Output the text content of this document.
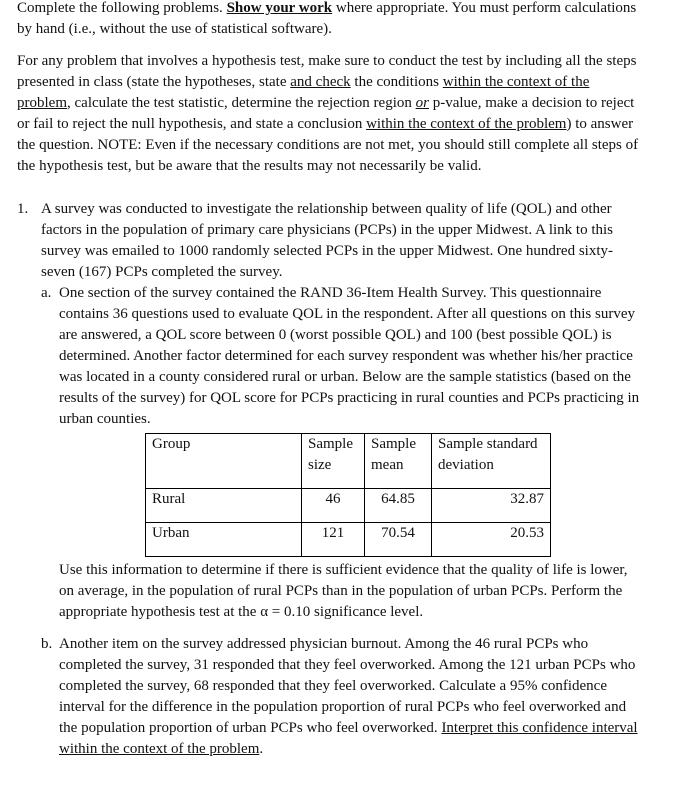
Complete the following problems. Show your work where appropriate. You must perform calculations by hand (i.e., without the use of statistical software).

For any problem that involves a hypothesis test, make sure to conduct the test by including all the steps presented in class (state the hypotheses, state and check the conditions within the context of the problem, calculate the test statistic, determine the rejection region or p-value, make a decision to reject or fail to reject the null hypothesis, and state a conclusion within the context of the problem) to answer the question. NOTE: Even if the necessary conditions are not met, you should still complete all steps of the hypothesis test, but be aware that the results may not necessarily be valid.

1. A survey was conducted to investigate the relationship between quality of life (QOL) and other factors in the population of primary care physicians (PCPs) in the upper Midwest. A link to this survey was emailed to 1000 randomly selected PCPs in the upper Midwest. One hundred sixty-seven (167) PCPs completed the survey.

a. One section of the survey contained the RAND 36-Item Health Survey. This questionnaire contains 36 questions used to evaluate QOL in the respondent. After all questions on this survey are answered, a QOL score between 0 (worst possible QOL) and 100 (best possible QOL) is determined. Another factor determined for each survey respondent was whether his/her practice was located in a county considered rural or urban. Below are the sample statistics (based on the results of the survey) for QOL score for PCPs practicing in rural counties and PCPs practicing in urban counties.

Group	Sample size	Sample mean	Sample standard deviation
Rural	46	64.85	32.87
Urban	121	70.54	20.53

Use this information to determine if there is sufficient evidence that the quality of life is lower, on average, in the population of rural PCPs than in the population of urban PCPs. Perform the appropriate hypothesis test at the α = 0.10 significance level.

b. Another item on the survey addressed physician burnout. Among the 46 rural PCPs who completed the survey, 31 responded that they feel overworked. Among the 121 urban PCPs who completed the survey, 68 responded that they feel overworked. Calculate a 95% confidence interval for the difference in the population proportion of rural PCPs who feel overworked and the population proportion of urban PCPs who feel overworked. Interpret this confidence interval within the context of the problem.
